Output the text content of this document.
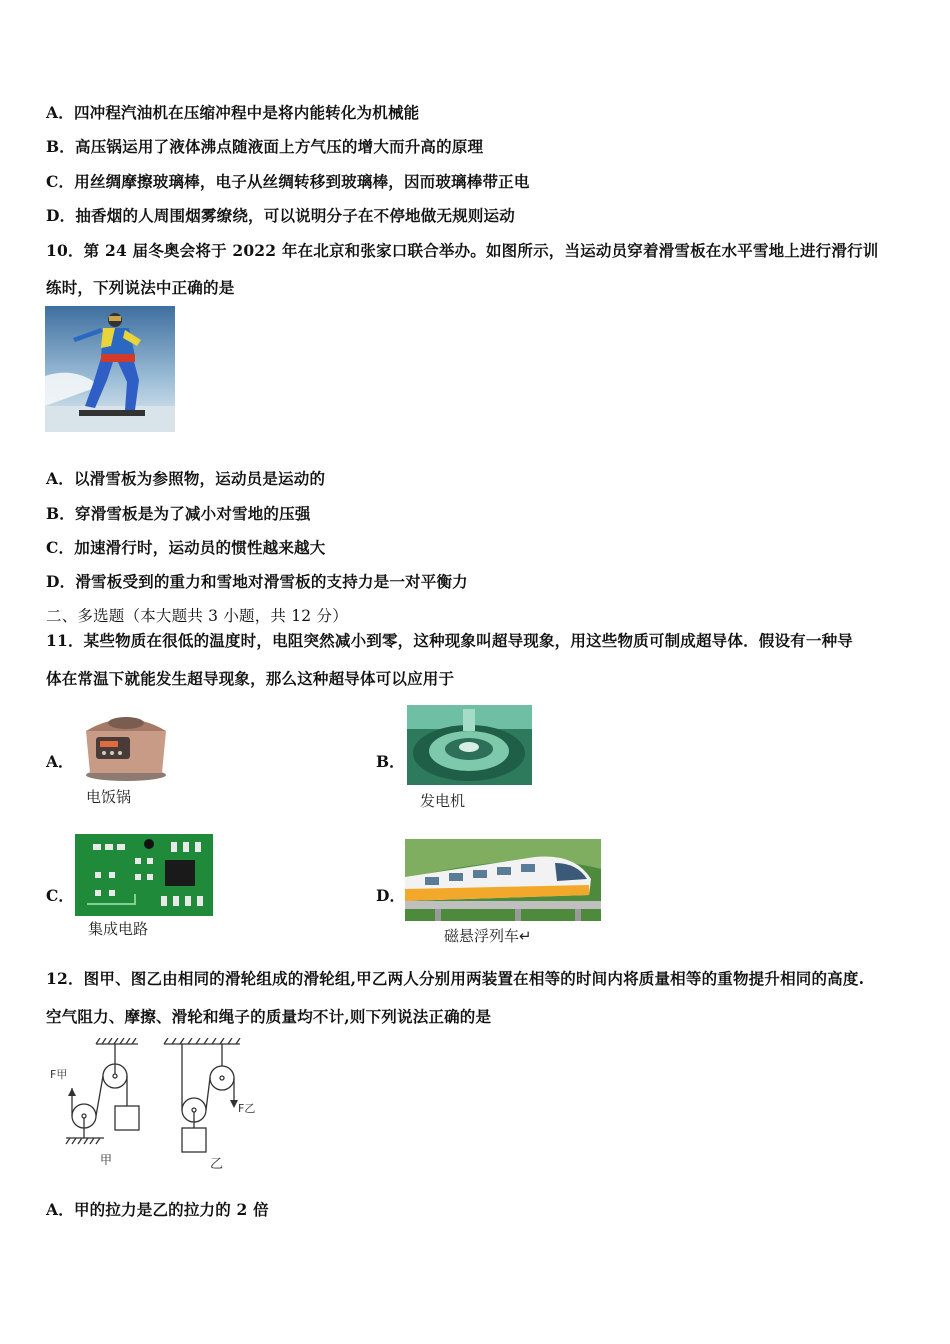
A．四冲程汽油机在压缩冲程中是将内能转化为机械能
B．高压锅运用了液体沸点随液面上方气压的增大而升高的原理
C．用丝绸摩擦玻璃棒，电子从丝绸转移到玻璃棒，因而玻璃棒带正电
D．抽香烟的人周围烟雾缭绕，可以说明分子在不停地做无规则运动
10．第 24 届冬奥会将于 2022 年在北京和张家口联合举办。如图所示，当运动员穿着滑雪板在水平雪地上进行滑行训
练时，下列说法中正确的是
A．以滑雪板为参照物，运动员是运动的
B．穿滑雪板是为了减小对雪地的压强
C．加速滑行时，运动员的惯性越来越大
D．滑雪板受到的重力和雪地对滑雪板的支持力是一对平衡力
二、多选题（本大题共 3 小题，共 12 分）
11．某些物质在很低的温度时，电阻突然减小到零，这种现象叫超导现象，用这些物质可制成超导体．假设有一种导
体在常温下就能发生超导现象，那么这种超导体可以应用于
A．
电饭锅
B．
发电机
C．
集成电路
D．
磁悬浮列车↵
12．图甲、图乙由相同的滑轮组成的滑轮组,甲乙两人分别用两装置在相等的时间内将质量相等的重物提升相同的高度.
空气阻力、摩擦、滑轮和绳子的质量均不计,则下列说法正确的是
F甲
F乙
甲	乙
A．甲的拉力是乙的拉力的 2 倍
